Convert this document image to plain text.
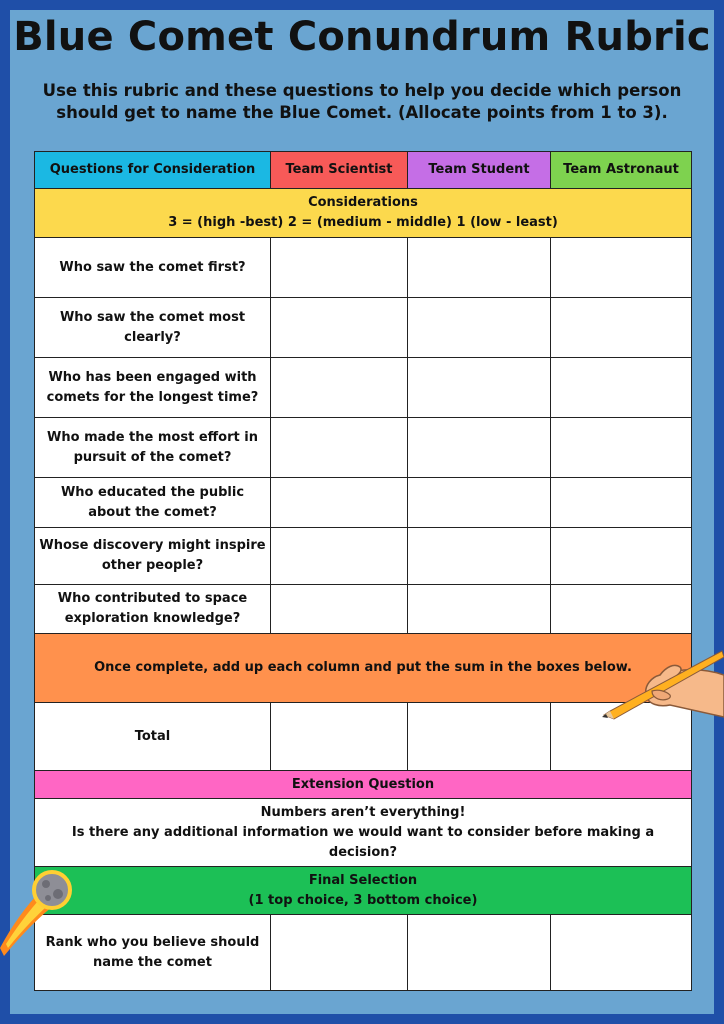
Blue Comet Conundrum Rubric

Use this rubric and these questions to help you decide which person should get to name the Blue Comet. (Allocate points from 1 to 3).

Questions for Consideration	Team Scientist	Team Student	Team Astronaut

Considerations
3 = (high -best) 2 = (medium - middle) 1 (low - least)			

Who saw the comet first?			
Who saw the comet most clearly?			
Who has been engaged with comets for the longest time?			
Who made the most effort in pursuit of the comet?			
Who educated the public about the comet?			
Whose discovery might inspire other people?			
Who contributed to space exploration knowledge?			
Once complete, add up each column and put the sum in the boxes below.			
Total			
Extension Question			

Numbers aren’t everything!
Is there any additional information we would want to consider before making a decision?			

Final Selection
(1 top choice, 3 bottom choice)			

Rank who you believe should name the comet			
